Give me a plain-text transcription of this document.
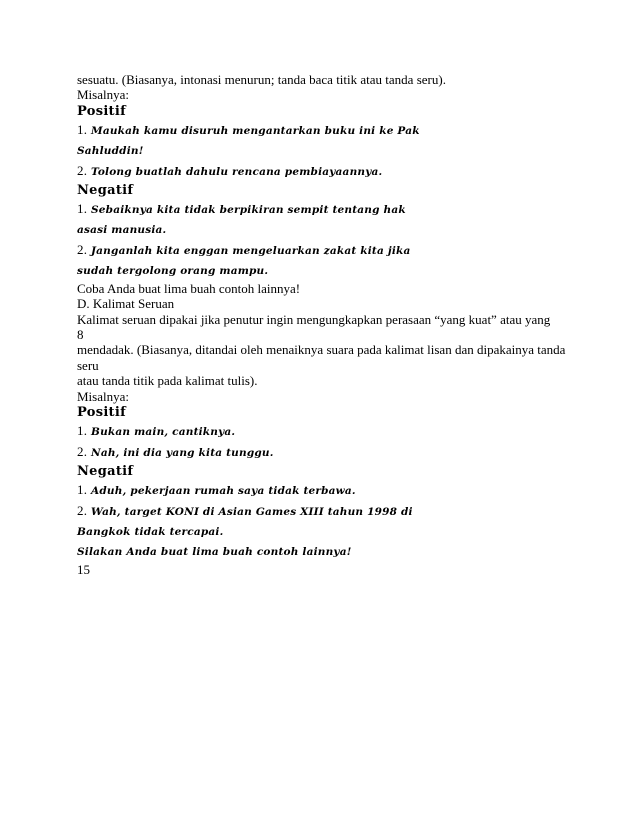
sesuatu. (Biasanya, intonasi menurun; tanda baca titik atau tanda seru).
Misalnya:
Positif
1. Maukah kamu disuruh mengantarkan buku ini ke Pak
Sahluddin!
2. Tolong buatlah dahulu rencana pembiayaannya.
Negatif
1. Sebaiknya kita tidak berpikiran sempit tentang hak
asasi manusia.
2. Janganlah kita enggan mengeluarkan zakat kita jika
sudah tergolong orang mampu.
Coba Anda buat lima buah contoh lainnya!
D. Kalimat Seruan
Kalimat seruan dipakai jika penutur ingin mengungkapkan perasaan “yang kuat” atau yang
8
mendadak. (Biasanya, ditandai oleh menaiknya suara pada kalimat lisan dan dipakainya tanda
seru
atau tanda titik pada kalimat tulis).
Misalnya:
Positif
1. Bukan main, cantiknya.
2. Nah, ini dia yang kita tunggu.
Negatif
1. Aduh, pekerjaan rumah saya tidak terbawa.
2. Wah, target KONI di Asian Games XIII tahun 1998 di
Bangkok tidak tercapai.
Silakan Anda buat lima buah contoh lainnya!
15
